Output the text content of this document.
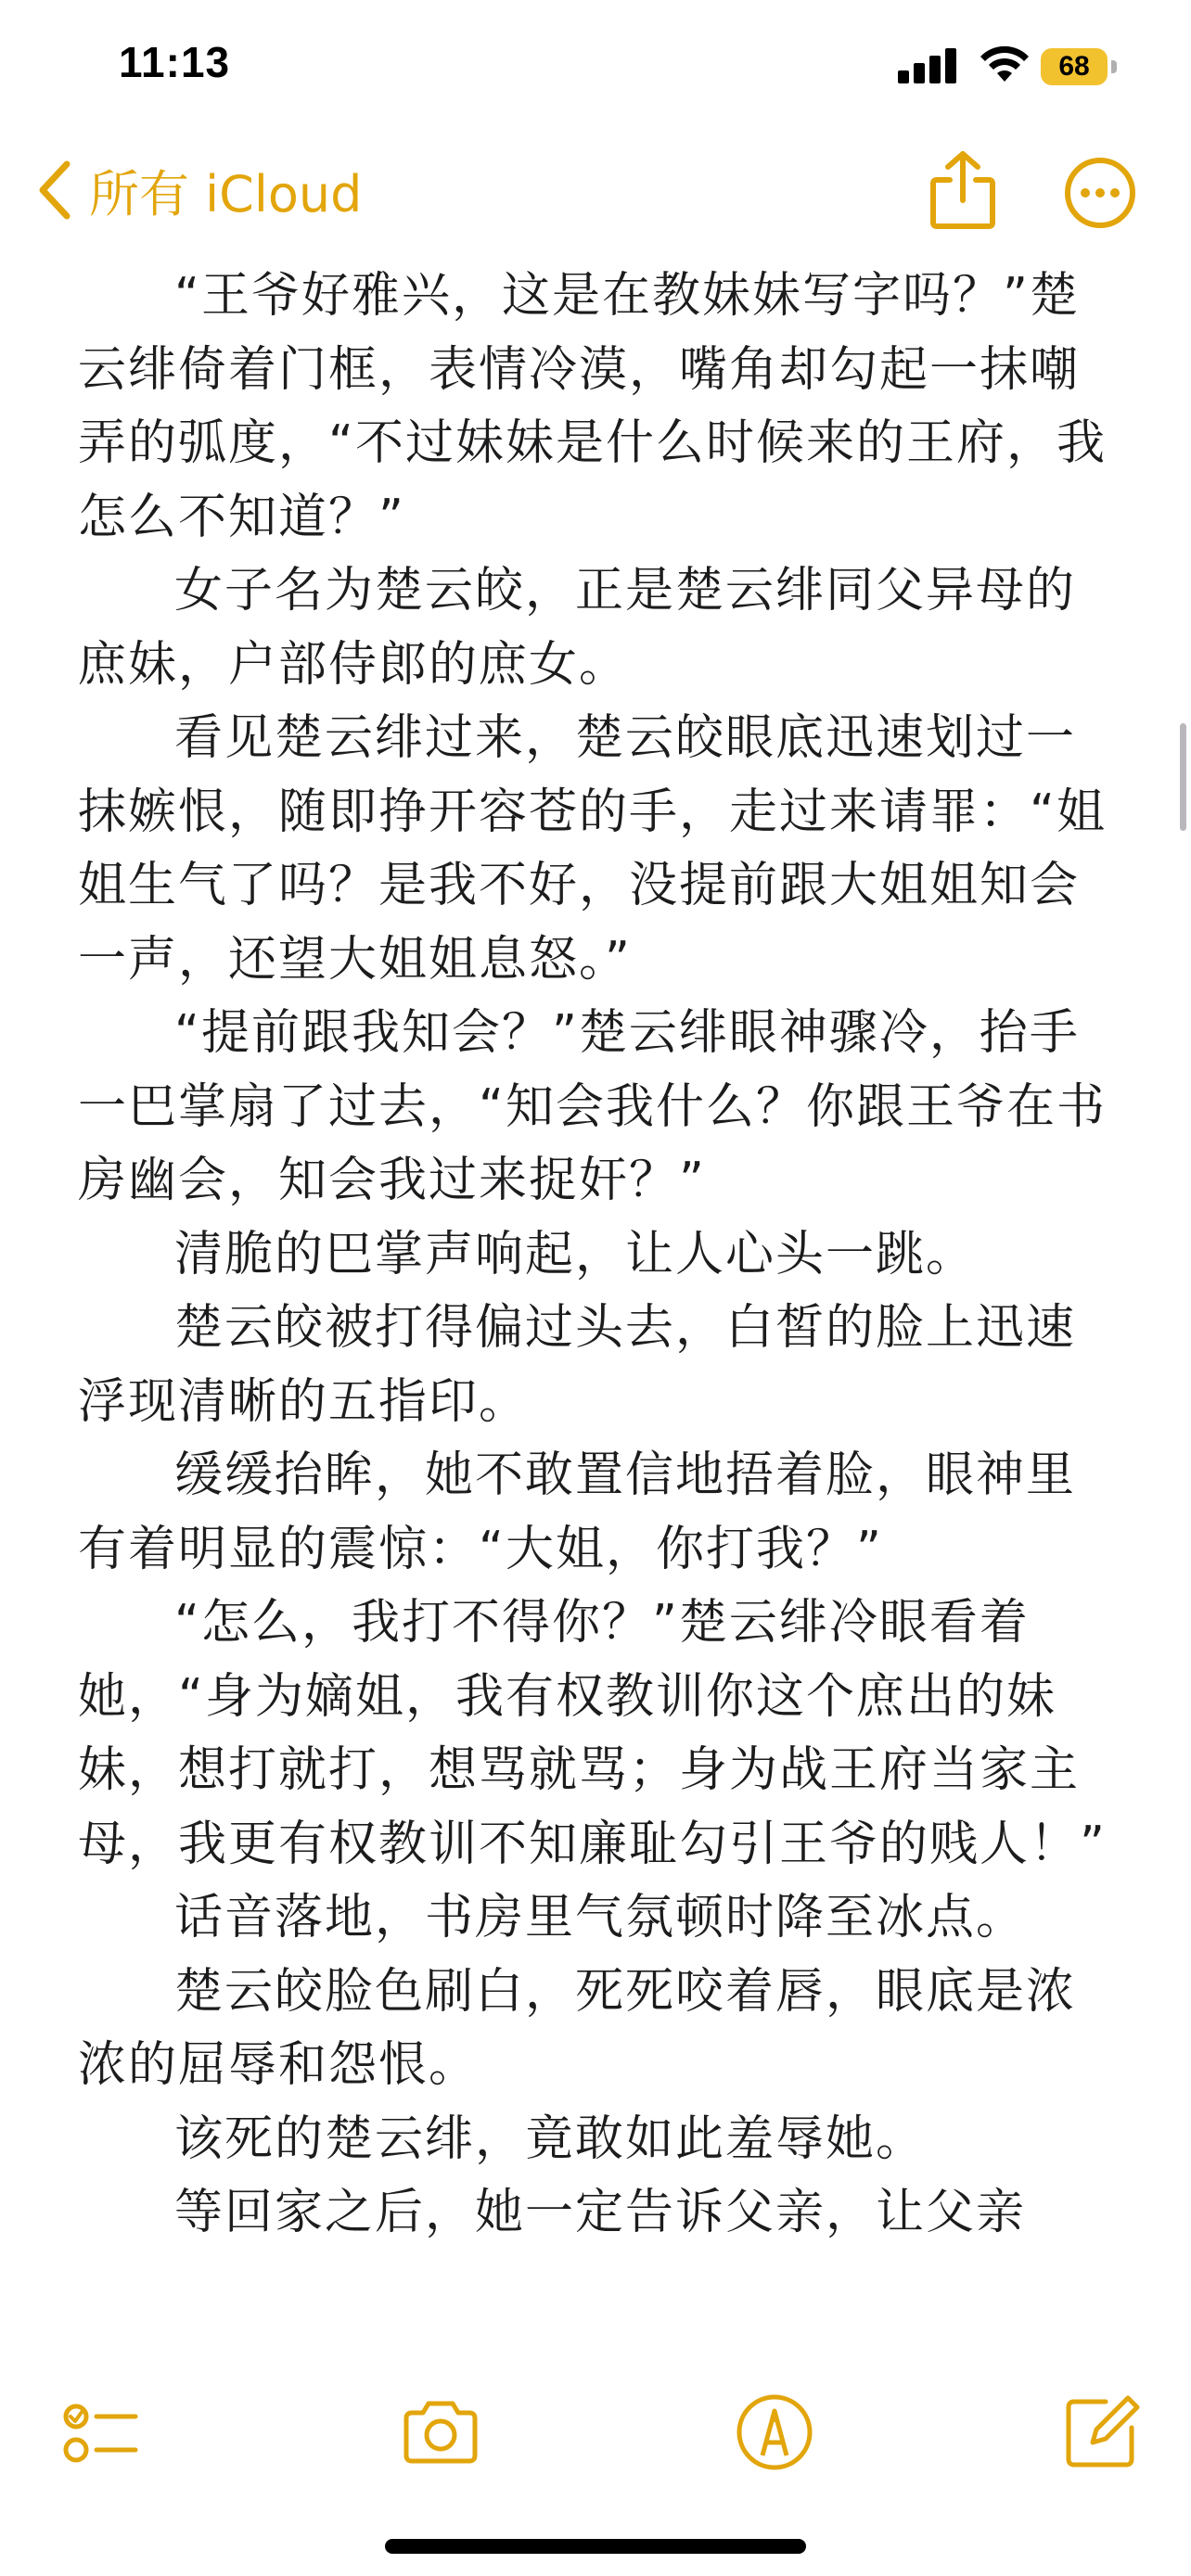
11:13	68
所有 iCloud

“王爷好雅兴，这是在教妹妹写字吗？”楚云绯倚着门框，表情冷漠，嘴角却勾起一抹嘲弄的弧度，“不过妹妹是什么时候来的王府，我怎么不知道？”

女子名为楚云皎，正是楚云绯同父异母的庶妹，户部侍郎的庶女。

看见楚云绯过来，楚云皎眼底迅速划过一抹嫉恨，随即挣开容苍的手，走过来请罪：“姐姐生气了吗？是我不好，没提前跟大姐姐知会一声，还望大姐姐息怒。”

“提前跟我知会？”楚云绯眼神骤冷，抬手一巴掌扇了过去，“知会我什么？你跟王爷在书房幽会，知会我过来捉奸？”

清脆的巴掌声响起，让人心头一跳。

楚云皎被打得偏过头去，白皙的脸上迅速浮现清晰的五指印。

缓缓抬眸，她不敢置信地捂着脸，眼神里有着明显的震惊：“大姐，你打我？”

“怎么，我打不得你？”楚云绯冷眼看着她，“身为嫡姐，我有权教训你这个庶出的妹妹，想打就打，想骂就骂；身为战王府当家主母，我更有权教训不知廉耻勾引王爷的贱人！”

话音落地，书房里气氛顿时降至冰点。

楚云皎脸色刷白，死死咬着唇，眼底是浓浓的屈辱和怨恨。

该死的楚云绯，竟敢如此羞辱她。

等回家之后，她一定告诉父亲，让父亲
